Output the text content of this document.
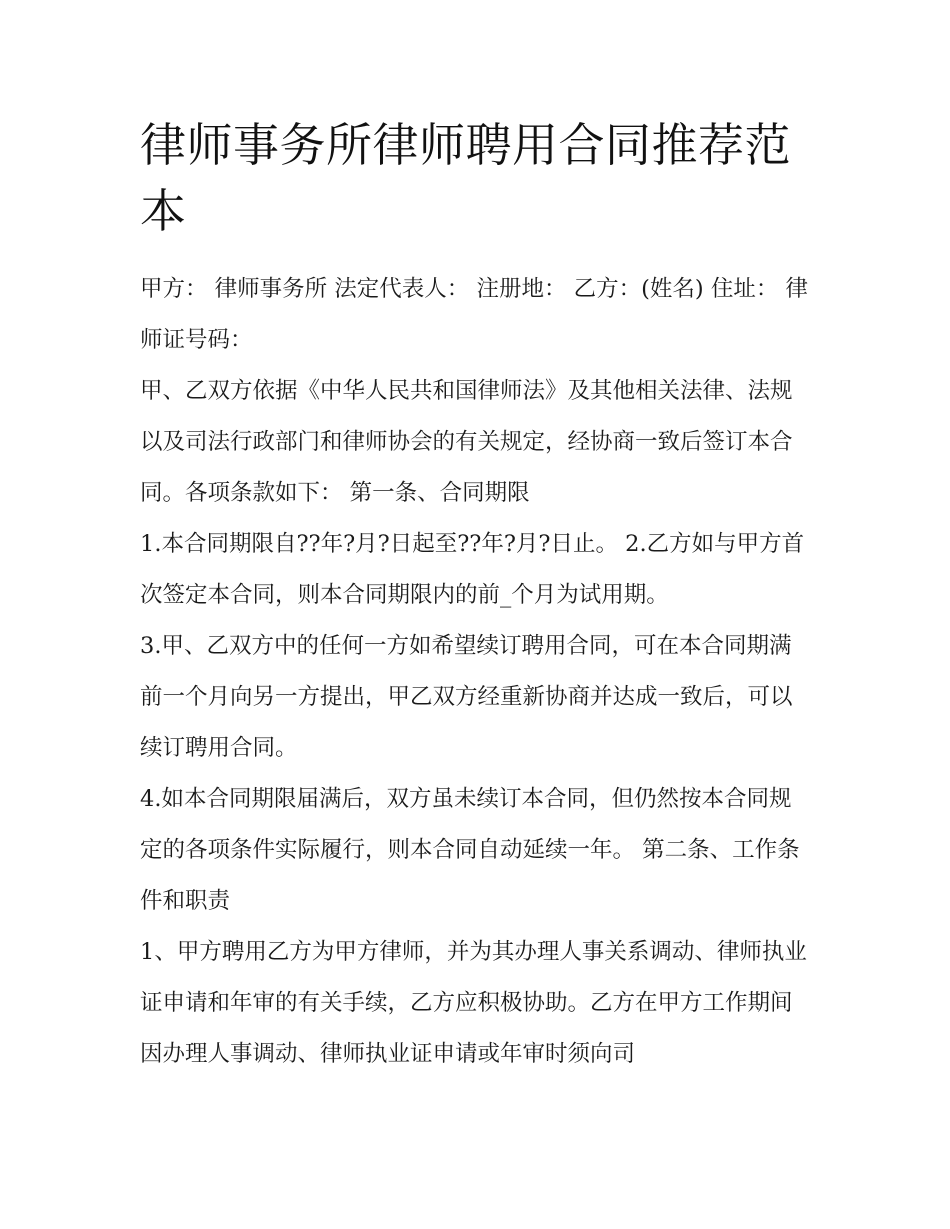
律师事务所律师聘用合同推荐范本

甲方： 律师事务所 法定代表人： 注册地： 乙方：(姓名) 住址： 律师证号码：

甲、乙双方依据《中华人民共和国律师法》及其他相关法律、法规以及司法行政部门和律师协会的有关规定，经协商一致后签订本合同。各项条款如下： 第一条、合同期限

1.本合同期限自??年?月?日起至??年?月?日止。 2.乙方如与甲方首次签定本合同，则本合同期限内的前_个月为试用期。

3.甲、乙双方中的任何一方如希望续订聘用合同，可在本合同期满前一个月向另一方提出，甲乙双方经重新协商并达成一致后，可以续订聘用合同。

4.如本合同期限届满后，双方虽未续订本合同，但仍然按本合同规定的各项条件实际履行，则本合同自动延续一年。 第二条、工作条件和职责

1、甲方聘用乙方为甲方律师，并为其办理人事关系调动、律师执业证申请和年审的有关手续，乙方应积极协助。乙方在甲方工作期间因办理人事调动、律师执业证申请或年审时须向司
